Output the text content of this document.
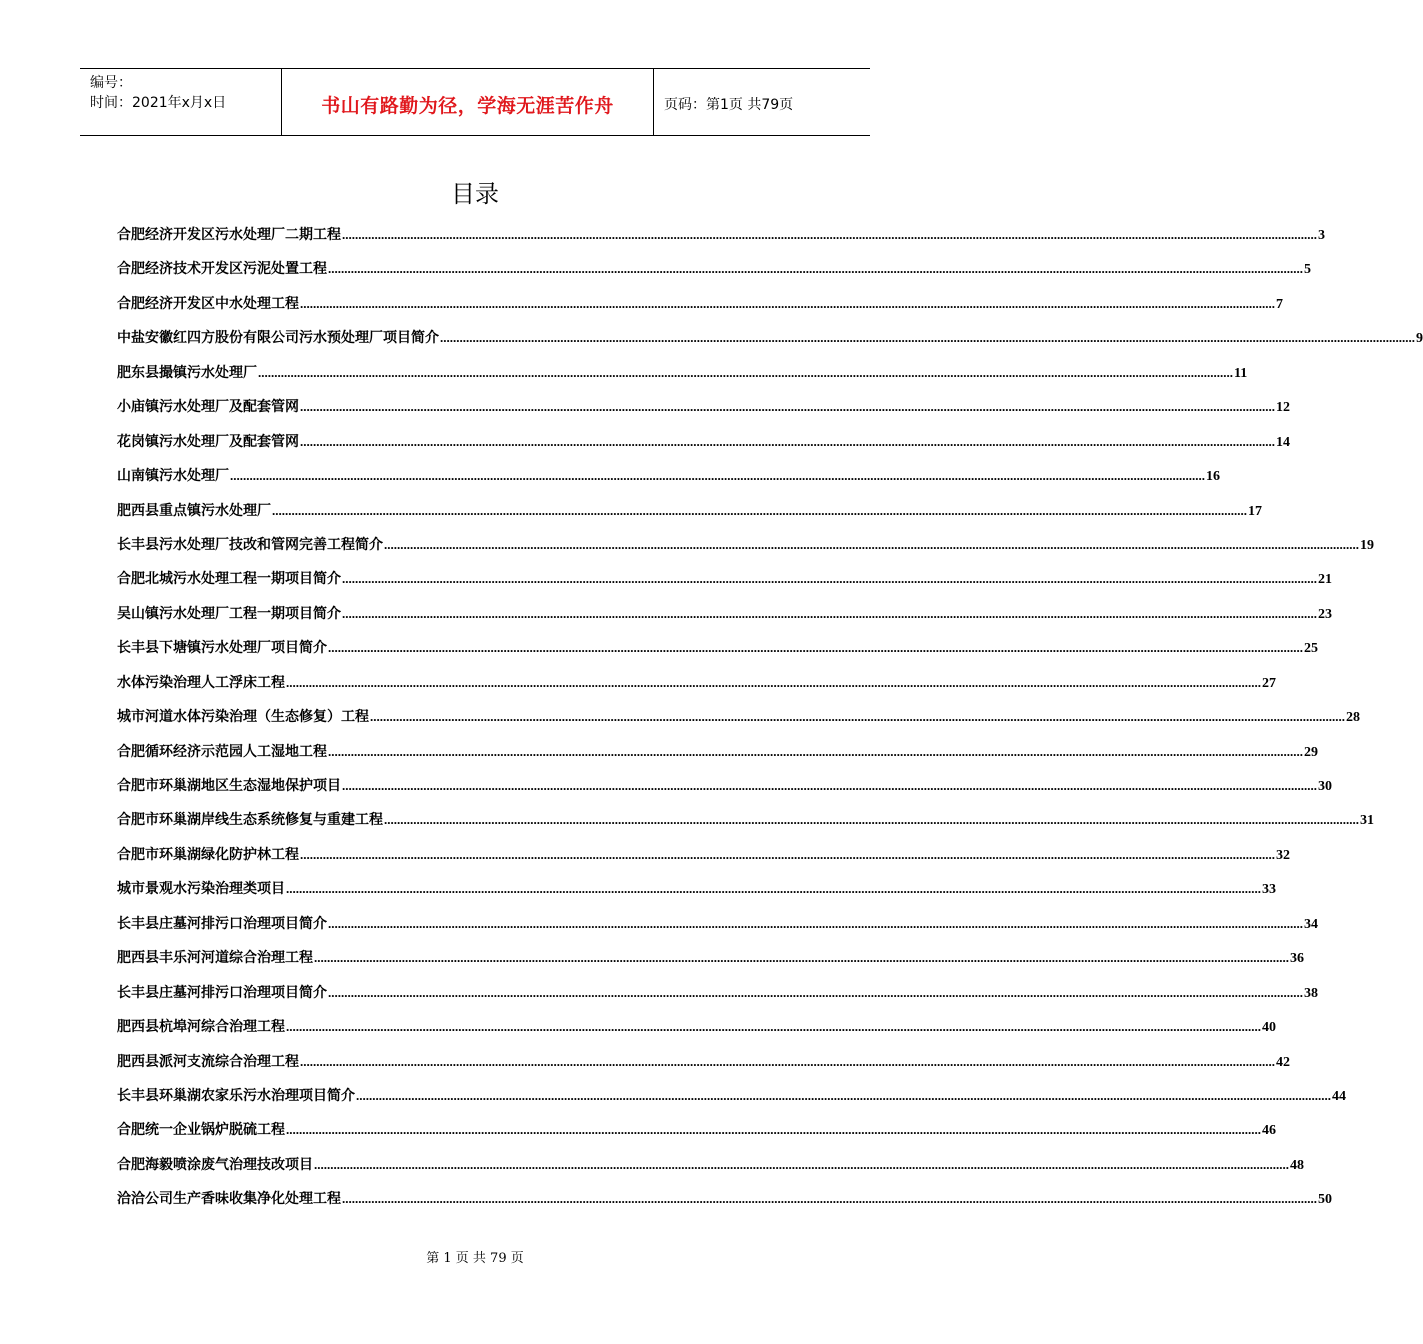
编号：
时间：2021年x月x日	书山有路勤为径，学海无涯苦作舟	页码：第1页 共79页
目录
合肥经济开发区污水处理厂二期工程 ............................................................................................................................................................................................................................................................................................................ 3
合肥经济技术开发区污泥处置工程 ............................................................................................................................................................................................................................................................................................................ 5
合肥经济开发区中水处理工程 ............................................................................................................................................................................................................................................................................................................ 7
中盐安徽红四方股份有限公司污水预处理厂项目简介 ............................................................................................................................................................................................................................................................................................................ 9
肥东县撮镇污水处理厂 ............................................................................................................................................................................................................................................................................................................ 11
小庙镇污水处理厂及配套管网 ............................................................................................................................................................................................................................................................................................................ 12
花岗镇污水处理厂及配套管网 ............................................................................................................................................................................................................................................................................................................ 14
山南镇污水处理厂 ............................................................................................................................................................................................................................................................................................................ 16
肥西县重点镇污水处理厂 ............................................................................................................................................................................................................................................................................................................ 17
长丰县污水处理厂技改和管网完善工程简介 ............................................................................................................................................................................................................................................................................................................ 19
合肥北城污水处理工程一期项目简介 ............................................................................................................................................................................................................................................................................................................ 21
吴山镇污水处理厂工程一期项目简介 ............................................................................................................................................................................................................................................................................................................ 23
长丰县下塘镇污水处理厂项目简介 ............................................................................................................................................................................................................................................................................................................ 25
水体污染治理人工浮床工程 ............................................................................................................................................................................................................................................................................................................ 27
城市河道水体污染治理（生态修复）工程 ............................................................................................................................................................................................................................................................................................................ 28
合肥循环经济示范园人工湿地工程 ............................................................................................................................................................................................................................................................................................................ 29
合肥市环巢湖地区生态湿地保护项目 ............................................................................................................................................................................................................................................................................................................ 30
合肥市环巢湖岸线生态系统修复与重建工程 ............................................................................................................................................................................................................................................................................................................ 31
合肥市环巢湖绿化防护林工程 ............................................................................................................................................................................................................................................................................................................ 32
城市景观水污染治理类项目 ............................................................................................................................................................................................................................................................................................................ 33
长丰县庄墓河排污口治理项目简介 ............................................................................................................................................................................................................................................................................................................ 34
肥西县丰乐河河道综合治理工程 ............................................................................................................................................................................................................................................................................................................ 36
长丰县庄墓河排污口治理项目简介 ............................................................................................................................................................................................................................................................................................................ 38
肥西县杭埠河综合治理工程 ............................................................................................................................................................................................................................................................................................................ 40
肥西县派河支流综合治理工程 ............................................................................................................................................................................................................................................................................................................ 42
长丰县环巢湖农家乐污水治理项目简介 ............................................................................................................................................................................................................................................................................................................ 44
合肥统一企业锅炉脱硫工程 ............................................................................................................................................................................................................................................................................................................ 46
合肥海毅喷涂废气治理技改项目 ............................................................................................................................................................................................................................................................................................................ 48
洽洽公司生产香味收集净化处理工程 ............................................................................................................................................................................................................................................................................................................ 50
第 1 页 共 79 页
